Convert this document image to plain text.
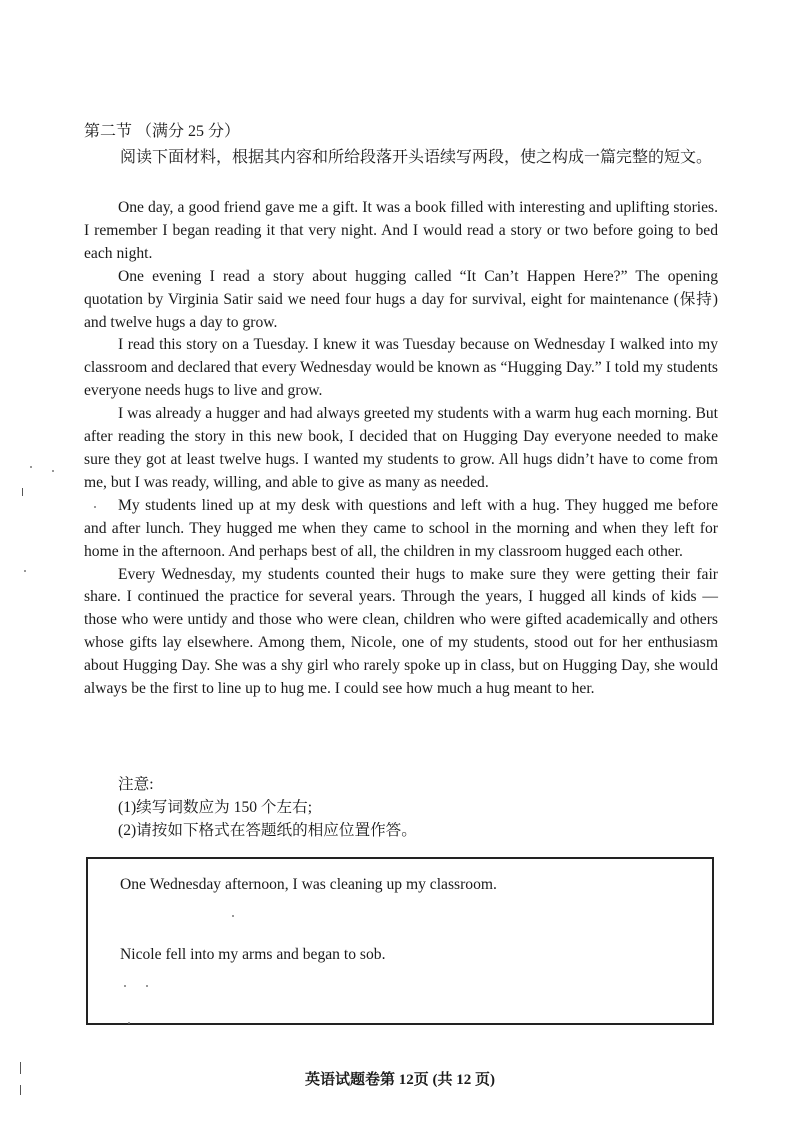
第二节 （满分 25 分）
阅读下面材料，根据其内容和所给段落开头语续写两段，使之构成一篇完整的短文。

One day, a good friend gave me a gift. It was a book filled with interesting and uplifting stories. I remember I began reading it that very night. And I would read a story or two before going to bed each night.

One evening I read a story about hugging called “It Can’t Happen Here?” The opening quotation by Virginia Satir said we need four hugs a day for survival, eight for maintenance (保持) and twelve hugs a day to grow.

I read this story on a Tuesday. I knew it was Tuesday because on Wednesday I walked into my classroom and declared that every Wednesday would be known as “Hugging Day.” I told my students everyone needs hugs to live and grow.

I was already a hugger and had always greeted my students with a warm hug each morning. But after reading the story in this new book, I decided that on Hugging Day everyone needed to make sure they got at least twelve hugs. I wanted my students to grow. All hugs didn’t have to come from me, but I was ready, willing, and able to give as many as needed.

My students lined up at my desk with questions and left with a hug. They hugged me before and after lunch. They hugged me when they came to school in the morning and when they left for home in the afternoon. And perhaps best of all, the children in my classroom hugged each other.

Every Wednesday, my students counted their hugs to make sure they were getting their fair share. I continued the practice for several years. Through the years, I hugged all kinds of kids — those who were untidy and those who were clean, children who were gifted academically and others whose gifts lay elsewhere. Among them, Nicole, one of my students, stood out for her enthusiasm about Hugging Day. She was a shy girl who rarely spoke up in class, but on Hugging Day, she would always be the first to line up to hug me. I could see how much a hug meant to her.

注意:
(1)续写词数应为 150 个左右;
(2)请按如下格式在答题纸的相应位置作答。
One Wednesday afternoon, I was cleaning up my classroom.
Nicole fell into my arms and began to sob.
英语试题卷第 12页 (共 12 页)
